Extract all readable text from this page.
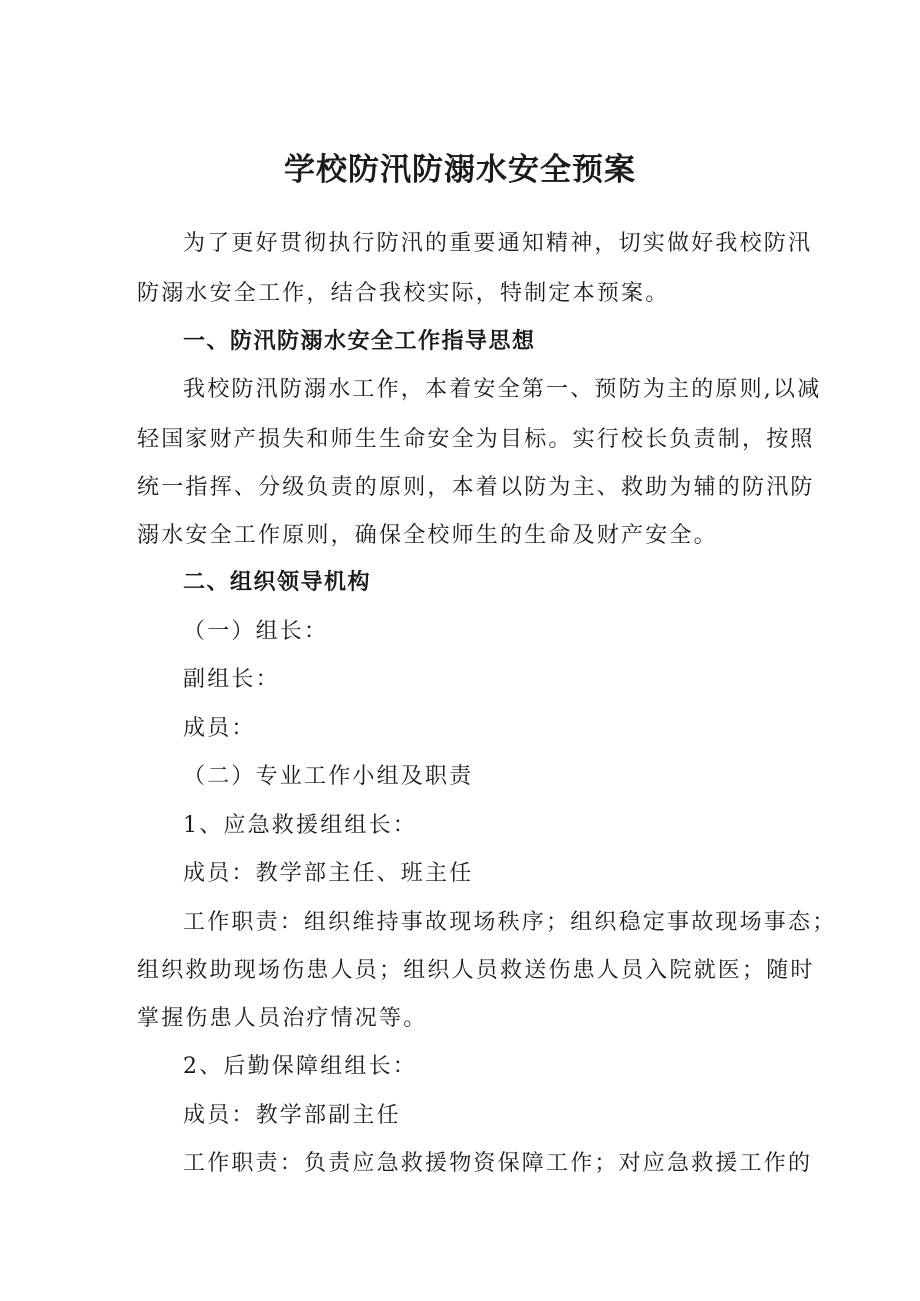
学校防汛防溺水安全预案
为了更好贯彻执行防汛的重要通知精神，切实做好我校防汛
防溺水安全工作，结合我校实际，特制定本预案。
一、防汛防溺水安全工作指导思想
我校防汛防溺水工作，本着安全第一、预防为主的原则,以减
轻国家财产损失和师生生命安全为目标。实行校长负责制，按照
统一指挥、分级负责的原则，本着以防为主、救助为辅的防汛防
溺水安全工作原则，确保全校师生的生命及财产安全。
二、组织领导机构
（一）组长：
副组长：
成员：
（二）专业工作小组及职责
1、应急救援组组长：
成员：教学部主任、班主任
工作职责：组织维持事故现场秩序；组织稳定事故现场事态；
组织救助现场伤患人员；组织人员救送伤患人员入院就医；随时
掌握伤患人员治疗情况等。
2、后勤保障组组长：
成员：教学部副主任
工作职责：负责应急救援物资保障工作；对应急救援工作的
